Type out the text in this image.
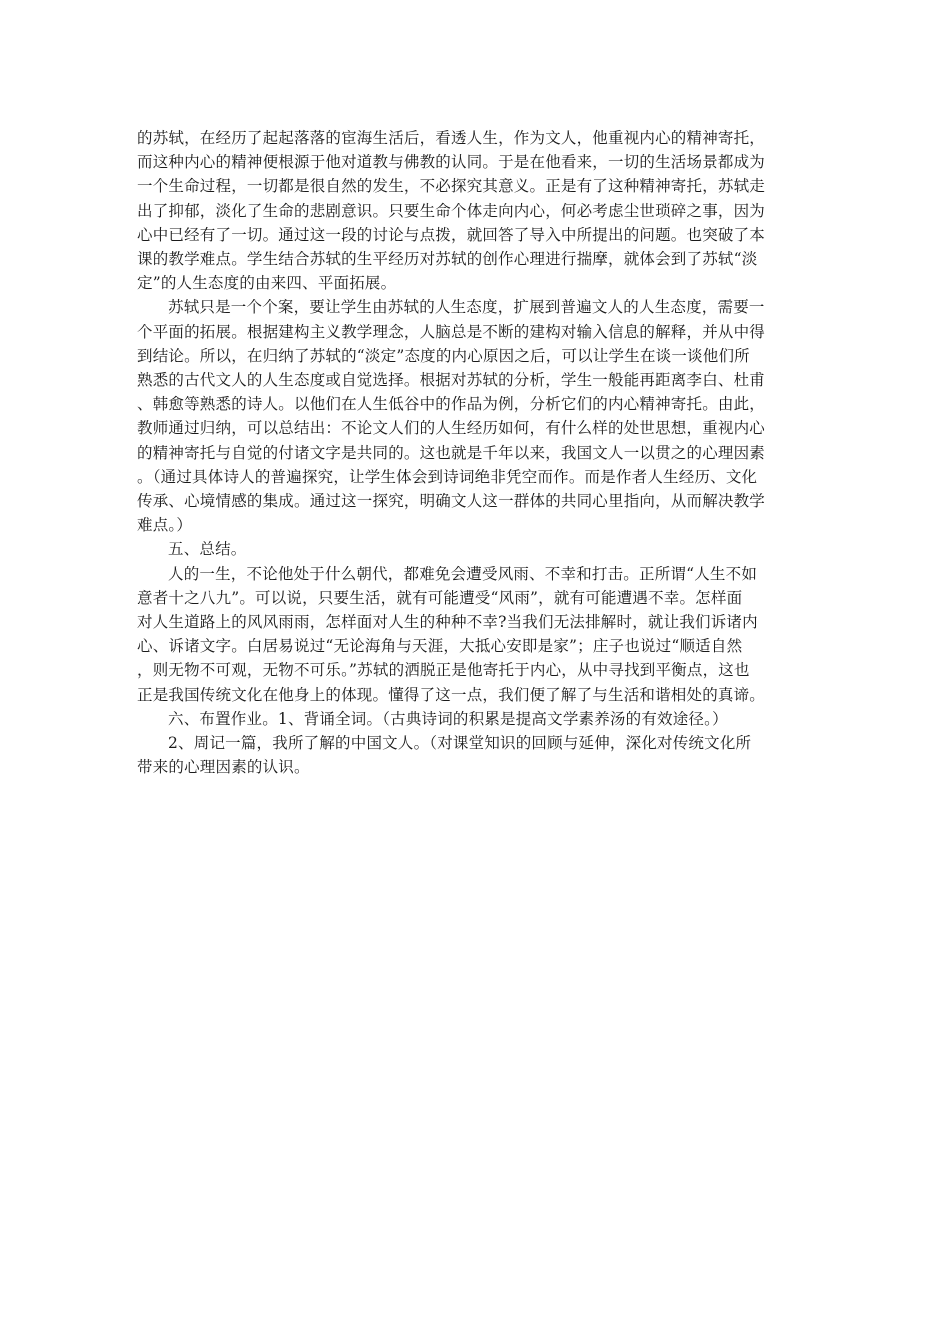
的苏轼，在经历了起起落落的宦海生活后，看透人生，作为文人，他重视内心的精神寄托，
而这种内心的精神便根源于他对道教与佛教的认同。于是在他看来，一切的生活场景都成为
一个生命过程，一切都是很自然的发生，不必探究其意义。正是有了这种精神寄托，苏轼走
出了抑郁，淡化了生命的悲剧意识。只要生命个体走向内心，何必考虑尘世琐碎之事，因为
心中已经有了一切。通过这一段的讨论与点拨，就回答了导入中所提出的问题。也突破了本
课的教学难点。学生结合苏轼的生平经历对苏轼的创作心理进行揣摩，就体会到了苏轼“淡
定”的人生态度的由来四、平面拓展。

苏轼只是一个个案，要让学生由苏轼的人生态度，扩展到普遍文人的人生态度，需要一
个平面的拓展。根据建构主义教学理念，人脑总是不断的建构对输入信息的解释，并从中得
到结论。所以，在归纳了苏轼的“淡定”态度的内心原因之后，可以让学生在谈一谈他们所
熟悉的古代文人的人生态度或自觉选择。根据对苏轼的分析，学生一般能再距离李白、杜甫
、韩愈等熟悉的诗人。以他们在人生低谷中的作品为例，分析它们的内心精神寄托。由此，
教师通过归纳，可以总结出：不论文人们的人生经历如何，有什么样的处世思想，重视内心
的精神寄托与自觉的付诸文字是共同的。这也就是千年以来，我国文人一以贯之的心理因素
。（通过具体诗人的普遍探究，让学生体会到诗词绝非凭空而作。而是作者人生经历、文化
传承、心境情感的集成。通过这一探究，明确文人这一群体的共同心里指向，从而解决教学
难点。）

五、总结。

人的一生，不论他处于什么朝代，都难免会遭受风雨、不幸和打击。正所谓“人生不如
意者十之八九”。可以说，只要生活，就有可能遭受“风雨”，就有可能遭遇不幸。怎样面
对人生道路上的风风雨雨，怎样面对人生的种种不幸?当我们无法排解时，就让我们诉诸内
心、诉诸文字。白居易说过“无论海角与天涯，大抵心安即是家”；庄子也说过“顺适自然
，则无物不可观，无物不可乐。”苏轼的洒脱正是他寄托于内心，从中寻找到平衡点，这也
正是我国传统文化在他身上的体现。懂得了这一点，我们便了解了与生活和谐相处的真谛。

六、布置作业。1、背诵全词。（古典诗词的积累是提高文学素养汤的有效途径。）

2、周记一篇，我所了解的中国文人。（对课堂知识的回顾与延伸，深化对传统文化所
带来的心理因素的认识。
